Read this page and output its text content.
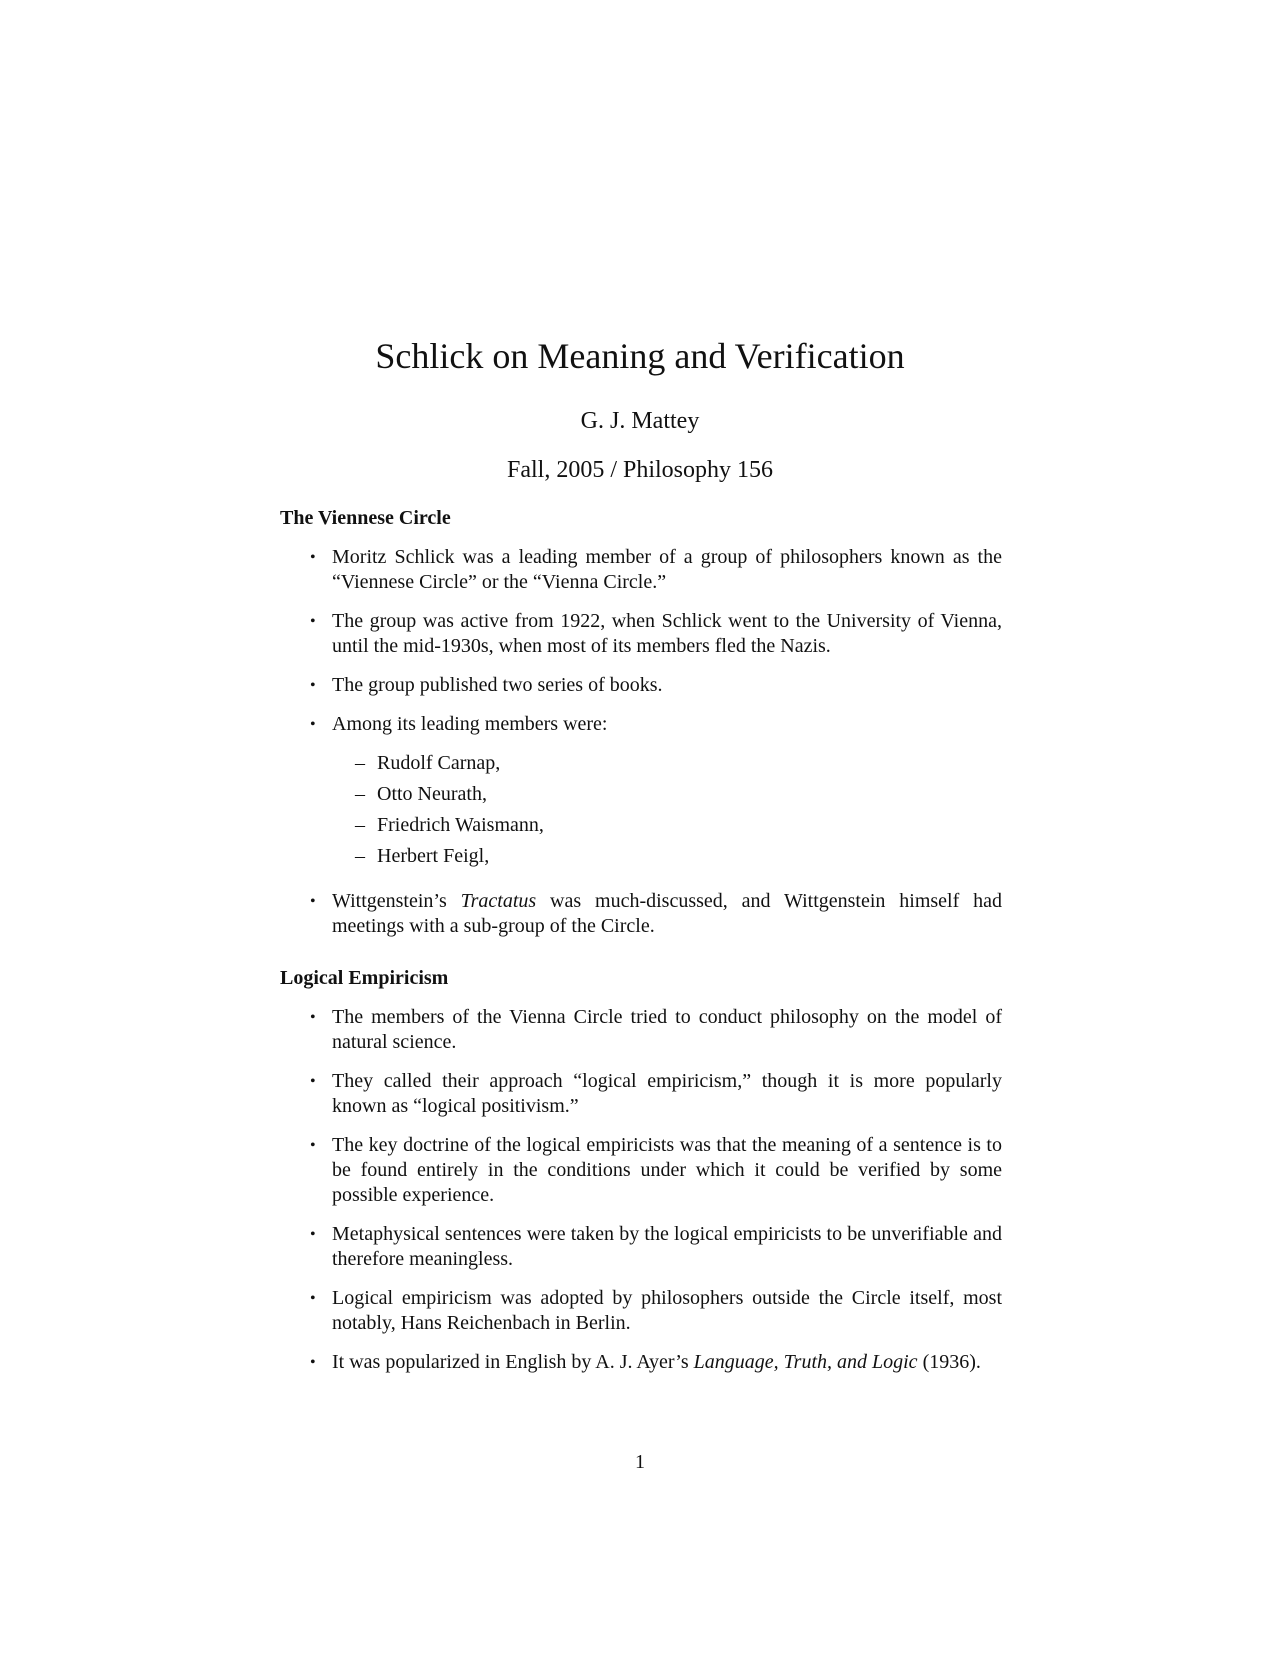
Schlick on Meaning and Verification
G. J. Mattey
Fall, 2005 / Philosophy 156
The Viennese Circle
• Moritz Schlick was a leading member of a group of philosophers known as the “Viennese Circle” or the “Vienna Circle.”
• The group was active from 1922, when Schlick went to the University of Vienna, until the mid-1930s, when most of its members fled the Nazis.
• The group published two series of books.
• Among its leading members were:
– Rudolf Carnap,
– Otto Neurath,
– Friedrich Waismann,
– Herbert Feigl,
• Wittgenstein’s Tractatus was much-discussed, and Wittgenstein himself had meetings with a sub-group of the Circle.
Logical Empiricism
• The members of the Vienna Circle tried to conduct philosophy on the model of natural science.
• They called their approach “logical empiricism,” though it is more popularly known as “logical positivism.”
• The key doctrine of the logical empiricists was that the meaning of a sentence is to be found entirely in the conditions under which it could be verified by some possible experience.
• Metaphysical sentences were taken by the logical empiricists to be unverifiable and therefore meaningless.
• Logical empiricism was adopted by philosophers outside the Circle itself, most notably, Hans Reichenbach in Berlin.
• It was popularized in English by A. J. Ayer’s Language, Truth, and Logic (1936).
1
